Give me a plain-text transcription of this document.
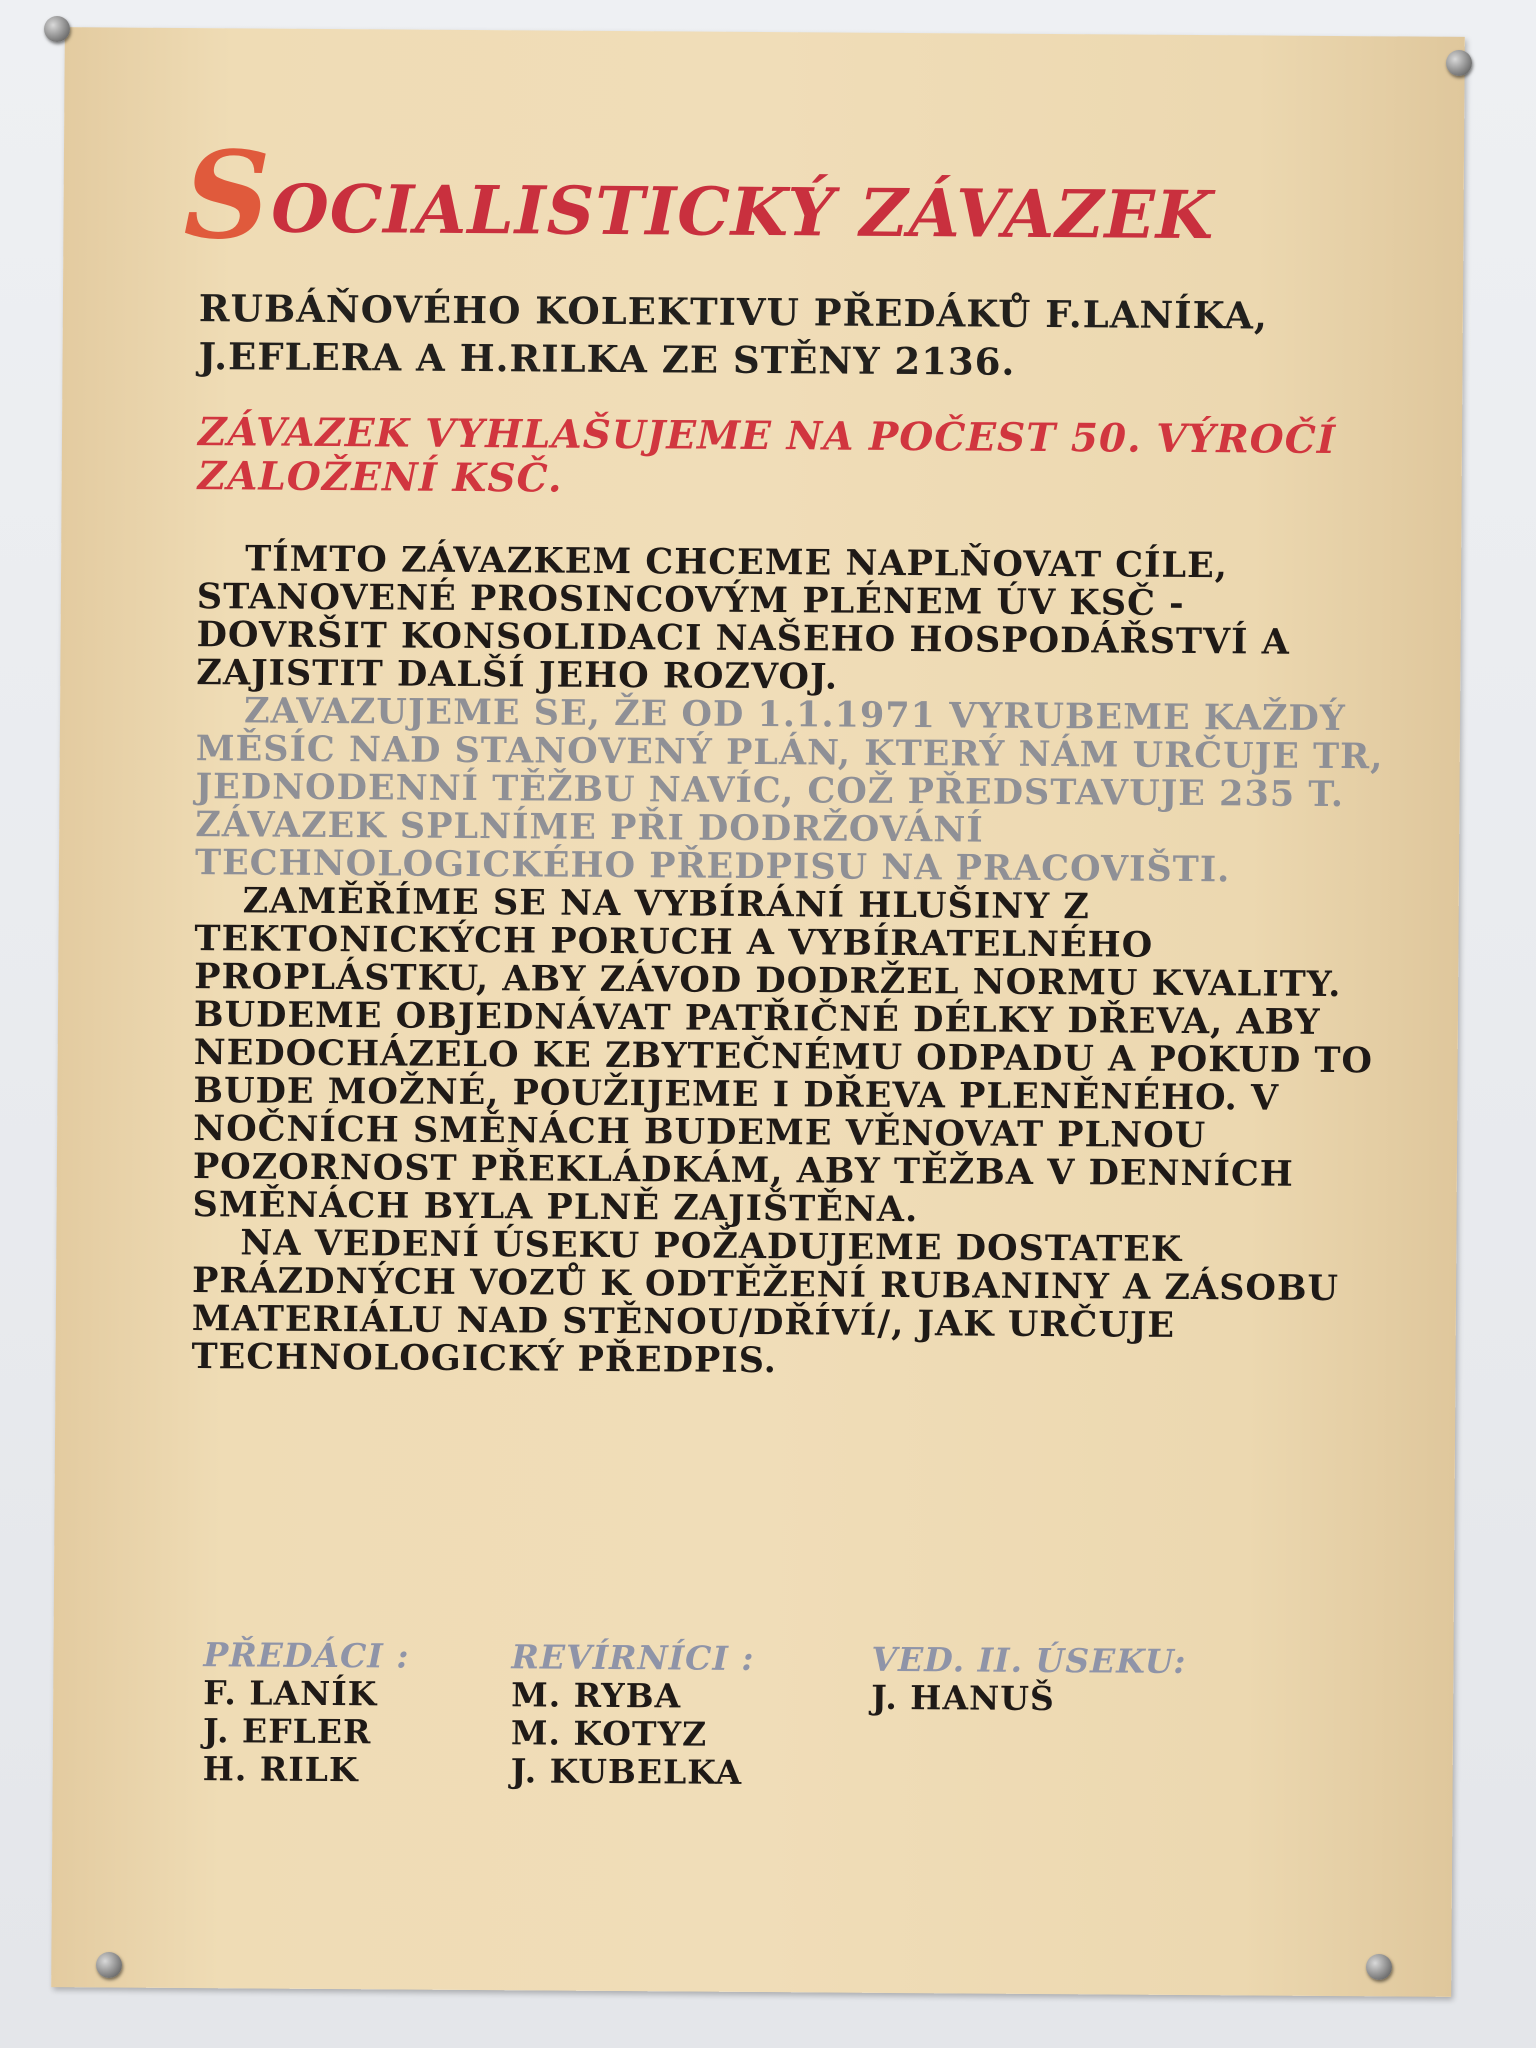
SOCIALISTICKÝ ZÁVAZEK
RUBÁŇOVÉHO KOLEKTIVU PŘEDÁKŮ F.LANÍKA, J.EFLERA A H.RILKA ZE STĚNY 2136.
ZÁVAZEK VYHLAŠUJEME NA POČEST 50. VÝROČÍ ZALOŽENÍ KSČ.

TÍMTO ZÁVAZKEM CHCEME NAPLŇOVAT CÍLE, STANOVENÉ PROSINCOVÝM PLÉNEM ÚV KSČ - DOVRŠIT KONSOLIDACI NAŠEHO HOSPODÁŘSTVÍ A ZAJISTIT DALŠÍ JEHO ROZVOJ.

ZAVAZUJEME SE, ŽE OD 1.1.1971 VYRUBEME KAŽDÝ MĚSÍC NAD STANOVENÝ PLÁN, KTERÝ NÁM URČUJE TR, JEDNODENNÍ TĚŽBU NAVÍC, COŽ PŘEDSTAVUJE 235 T. ZÁVAZEK SPLNÍME PŘI DODRŽOVÁNÍ TECHNOLOGICKÉHO PŘEDPISU NA PRACOVIŠTI.

ZAMĚŘÍME SE NA VYBÍRÁNÍ HLUŠINY Z TEKTONICKÝCH PORUCH A VYBÍRATELNÉHO PROPLÁSTKU, ABY ZÁVOD DODRŽEL NORMU KVALITY. BUDEME OBJEDNÁVAT PATŘIČNÉ DÉLKY DŘEVA, ABY NEDOCHÁZELO KE ZBYTEČNÉMU ODPADU A POKUD TO BUDE MOŽNÉ, POUŽIJEME I DŘEVA PLENĚNÉHO. V NOČNÍCH SMĚNÁCH BUDEME VĚNOVAT PLNOU POZORNOST PŘEKLÁDKÁM, ABY TĚŽBA V DENNÍCH SMĚNÁCH BYLA PLNĚ ZAJIŠTĚNA.

NA VEDENÍ ÚSEKU POŽADUJEME DOSTATEK PRÁZDNÝCH VOZŮ K ODTĚŽENÍ RUBANINY A ZÁSOBU MATERIÁLU NAD STĚNOU/DŘÍVÍ/, JAK URČUJE TECHNOLOGICKÝ PŘEDPIS.

PŘEDÁCI :
F. LANÍK
J. EFLER
H. RILK
REVÍRNÍCI :
M. RYBA
M. KOTYZ
J. KUBELKA
VED. II. ÚSEKU:
J. HANUŠ
